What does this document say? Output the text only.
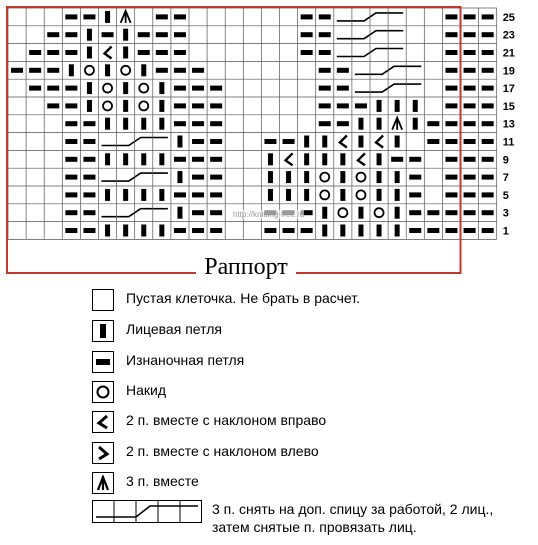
25
23
21
19
17
15
13
11
9
7
5
3
1
http://knitting-free.ru
Раппорт
Пустая клеточка. Не брать в расчет.
Лицевая петля
Изнаночная петля
Накид
2 п. вместе с наклоном вправо
2 п. вместе с наклоном влево
3 п. вместе
3 п. снять на доп. спицу за работой, 2 лиц., затем снятые п. провязать лиц.
